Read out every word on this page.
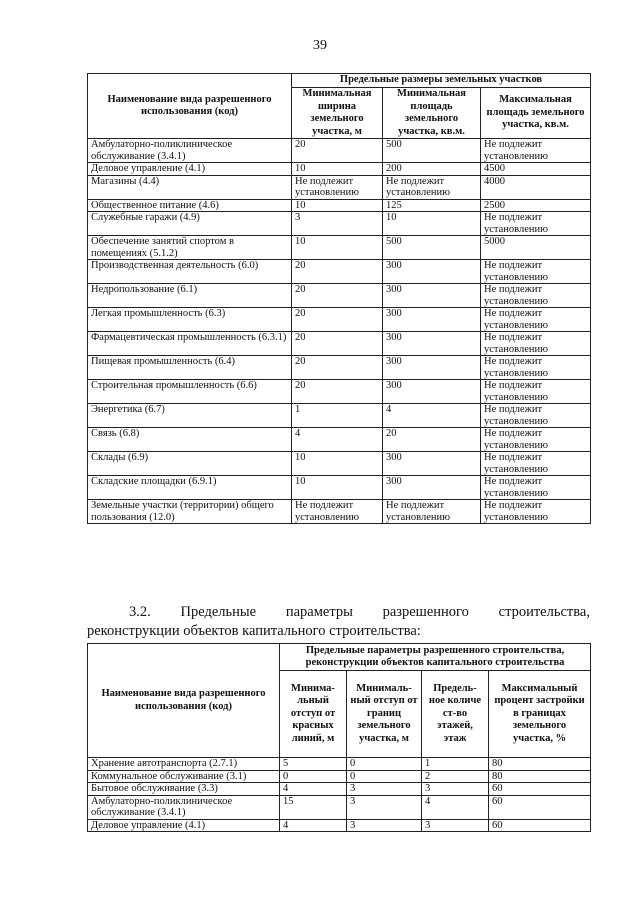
39
Наименование вида разрешенного использования (код)	Предельные размеры земельных участков		
	Минимальная ширина земельного участка, м	Минимальная площадь земельного участка, кв.м.	Максимальная площадь земельного участка, кв.м.
Амбулаторно-поликлиническое обслуживание (3.4.1)	20	500	Не подлежит установлению
Деловое управление (4.1)	10	200	4500
Магазины (4.4)	Не подлежит установлению	Не подлежит установлению	4000
Общественное питание (4.6)	10	125	2500
Служебные гаражи (4.9)	3	10	Не подлежит установлению
Обеспечение занятий спортом в помещениях (5.1.2)	10	500	5000
Производственная деятельность (6.0)	20	300	Не подлежит установлению
Недропользование (6.1)	20	300	Не подлежит установлению
Легкая промышленность (6.3)	20	300	Не подлежит установлению
Фармацевтическая промышленность (6.3.1)	20	300	Не подлежит установлению
Пищевая промышленность (6.4)	20	300	Не подлежит установлению
Строительная промышленность (6.6)	20	300	Не подлежит установлению
Энергетика (6.7)	1	4	Не подлежит установлению
Связь (6.8)	4	20	Не подлежит установлению
Склады (6.9)	10	300	Не подлежит установлению
Складские площадки (6.9.1)	10	300	Не подлежит установлению
Земельные участки (территории) общего пользования (12.0)	Не подлежит установлению	Не подлежит установлению	Не подлежит установлению
3.2. Предельные параметры разрешенного строительства,
реконструкции объектов капитального строительства:
Наименование вида разрешенного использования (код)	Предельные параметры разрешенного строительства, реконструкции объектов капитального строительства			
	Минима- льный отступ от красных линий, м	Минималь- ный отступ от границ земельного участка, м	Предель- ное количе ст-во этажей, этаж	Максимальный процент застройки в границах земельного участка, %
Хранение автотранспорта (2.7.1)	5	0	1	80
Коммунальное обслуживание (3.1)	0	0	2	80
Бытовое обслуживание (3.3)	4	3	3	60
Амбулаторно-поликлиническое обслуживание (3.4.1)	15	3	4	60
Деловое управление (4.1)	4	3	3	60
